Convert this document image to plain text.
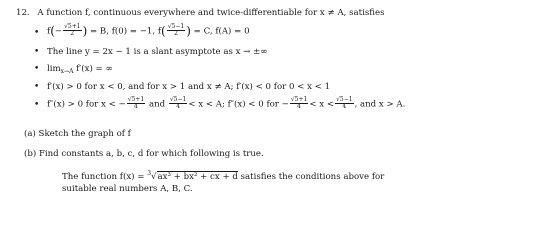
12. A function f, continuous everywhere and twice-differentiable for x ≠ A, satisfies
• $f(- \frac{√5+1}{2}$ ) = B, f(0) = −1, $f( \frac{√5-1}{2}$ ) = C, f(A) = 0
• The line y = 2x − 1 is a slant asymptote as x → ±∞
• $\lim_{x\to A} f'(x)$ = ∞
• f′(x) > 0 for x < 0, and for x > 1 and x ≠ A; f′(x) < 0 for 0 < x < 1
• f″(x) > 0 for x < − $\frac{√5+1}{4}$ and $\frac{√5-1}{4} < x < A$; f″(x) < 0 for − $\frac{√5+1}{4} < x < \frac{√5-1}{4}$ , and x > A.
(a) Sketch the graph of f
(b) Find constants a, b, c, d for which following is true.
The function f(x) = $^3$√ax³ + bx² + cx + d satisfies the conditions above for
suitable real numbers A, B, C.
